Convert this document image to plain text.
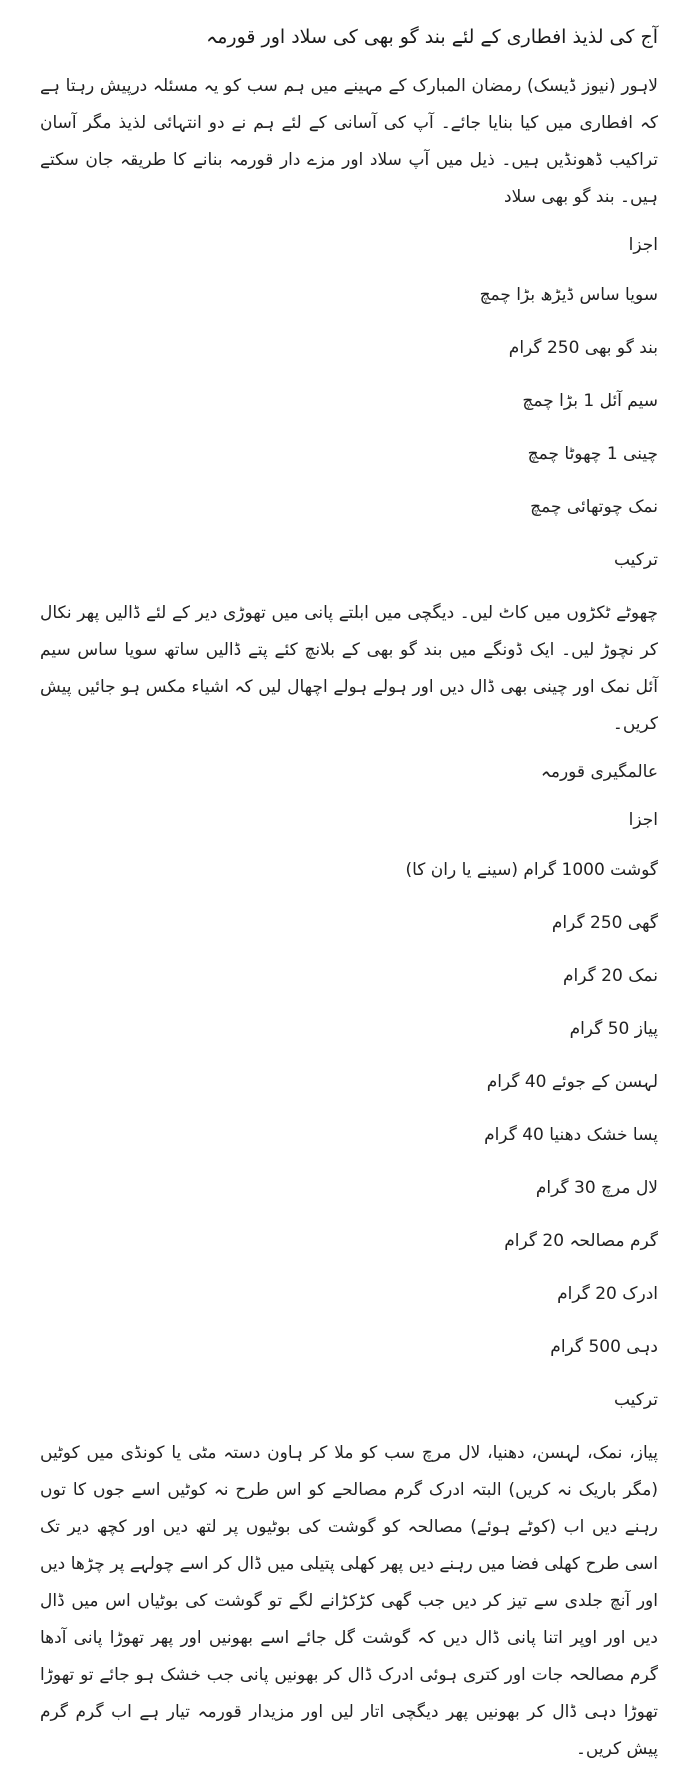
آج کی لذیذ افطاری کے لئے بند گو بھی کی سلاد اور قورمہ

لاہور (نیوز ڈیسک) رمضان المبارک کے مہینے میں ہم سب کو یہ مسئلہ درپیش رہتا ہے کہ افطاری میں کیا بنایا جائے۔ آپ کی آسانی کے لئے ہم نے دو انتہائی لذیذ مگر آسان تراکیب ڈھونڈیں ہیں۔ ذیل میں آپ سلاد اور مزے دار قورمہ بنانے کا طریقہ جان سکتے ہیں۔ بند گو بھی سلاد

اجزا
سویا ساس ڈیڑھ بڑا چمچ
بند گو بھی 250 گرام
سیم آئل 1 بڑا چمچ
چینی 1 چھوٹا چمچ
نمک چوتھائی چمچ
ترکیب

چھوٹے ٹکڑوں میں کاٹ لیں۔ دیگچی میں ابلتے پانی میں تھوڑی دیر کے لئے ڈالیں پھر نکال کر نچوڑ لیں۔ ایک ڈونگے میں بند گو بھی کے بلانچ کئے پتے ڈالیں ساتھ سویا ساس سیم آئل نمک اور چینی بھی ڈال دیں اور ہولے ہولے اچھال لیں کہ اشیاء مکس ہو جائیں پیش کریں۔

عالمگیری قورمہ
اجزا
گوشت 1000 گرام (سینے یا ران کا)
گھی 250 گرام
نمک 20 گرام
پیاز 50 گرام
لہسن کے جوئے 40 گرام
پسا خشک دھنیا 40 گرام
لال مرچ 30 گرام
گرم مصالحہ 20 گرام
ادرک 20 گرام
دہی 500 گرام
ترکیب

پیاز، نمک، لہسن، دھنیا، لال مرچ سب کو ملا کر ہاون دستہ مٹی یا کونڈی میں کوٹیں (مگر باریک نہ کریں) البتہ ادرک گرم مصالحے کو اس طرح نہ کوٹیں اسے جوں کا توں رہنے دیں اب (کوٹے ہوئے) مصالحہ کو گوشت کی بوٹیوں پر لتھ دیں اور کچھ دیر تک اسی طرح کھلی فضا میں رہنے دیں پھر کھلی پتیلی میں ڈال کر اسے چولہے پر چڑھا دیں اور آنچ جلدی سے تیز کر دیں جب گھی کڑکڑانے لگے تو گوشت کی بوٹیاں اس میں ڈال دیں اور اوپر اتنا پانی ڈال دیں کہ گوشت گل جائے اسے بھونیں اور پھر تھوڑا پانی آدھا گرم مصالحہ جات اور کتری ہوئی ادرک ڈال کر بھونیں پانی جب خشک ہو جائے تو تھوڑا تھوڑا دہی ڈال کر بھونیں پھر دیگچی اتار لیں اور مزیدار قورمہ تیار ہے اب گرم گرم پیش کریں۔
